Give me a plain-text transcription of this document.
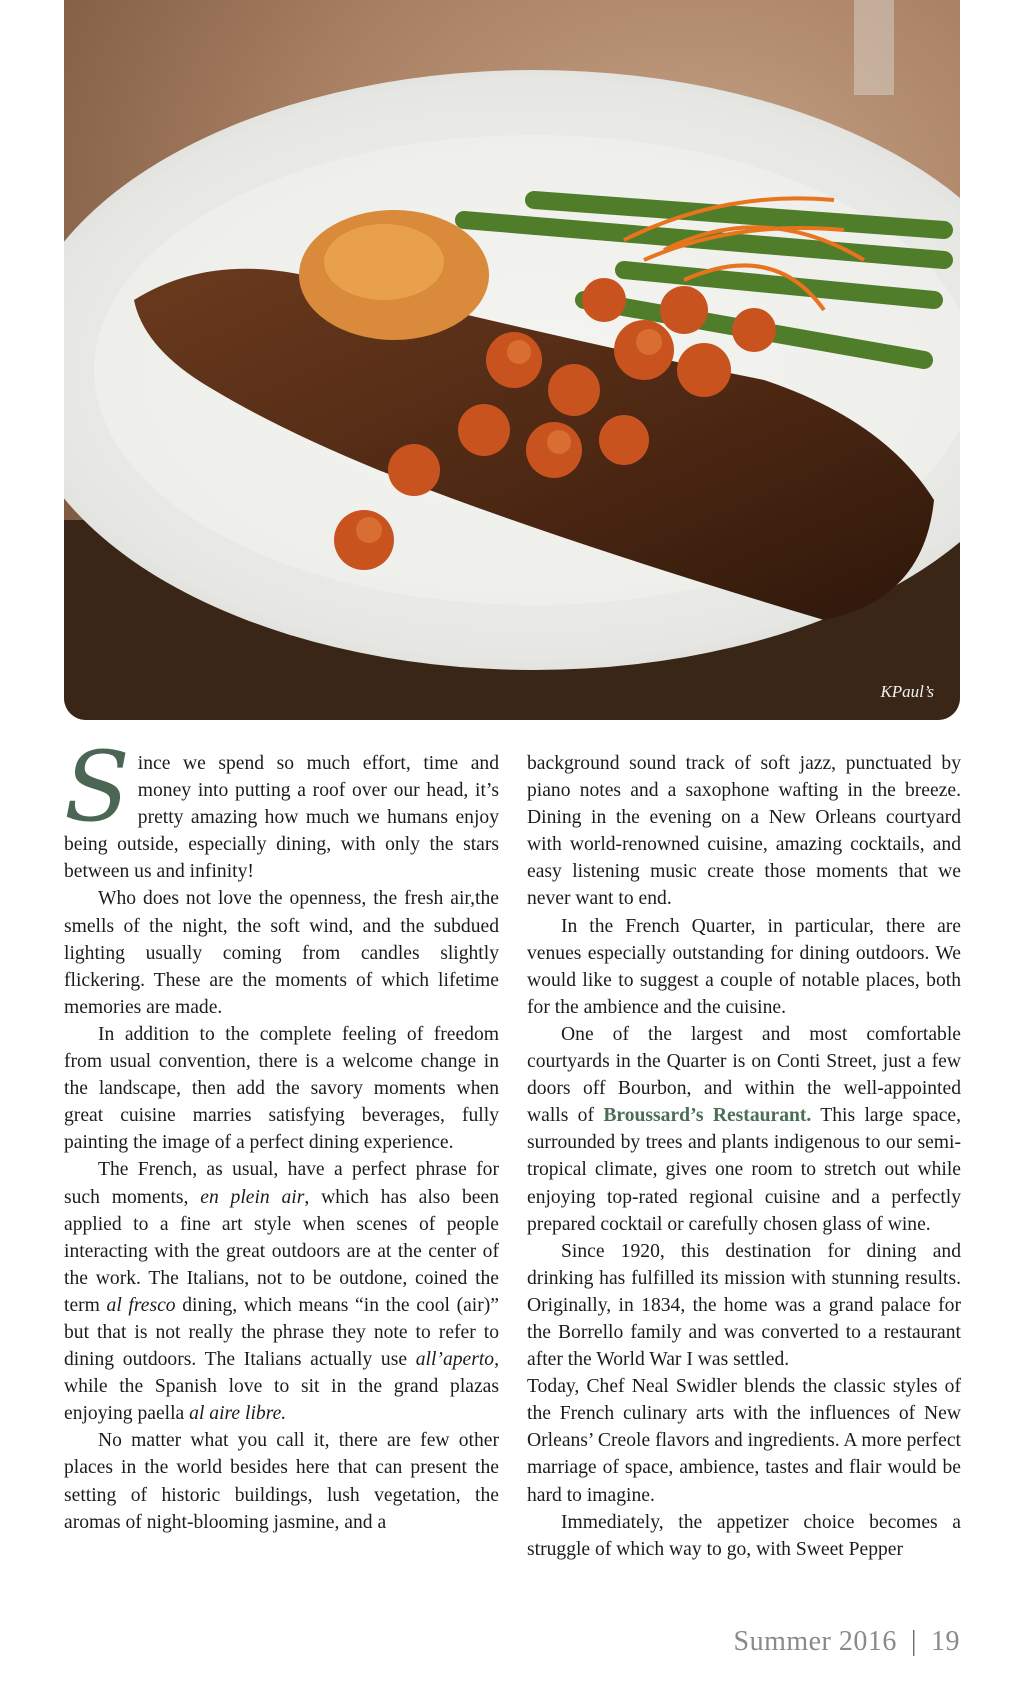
KPaul’s

Since we spend so much effort, time and money into putting a roof over our head, it’s pretty amazing how much we humans enjoy being outside, especially dining, with only the stars between us and infinity!

Who does not love the openness, the fresh air,the smells of the night, the soft wind, and the subdued lighting usually coming from candles slightly flickering. These are the moments of which lifetime memories are made.

In addition to the complete feeling of freedom from usual convention, there is a welcome change in the landscape, then add the savory moments when great cuisine marries satisfying beverages, fully painting the image of a perfect dining experience.

The French, as usual, have a perfect phrase for such moments, en plein air, which has also been applied to a fine art style when scenes of people interacting with the great outdoors are at the center of the work. The Italians, not to be outdone, coined the term al fresco dining, which means “in the cool (air)” but that is not really the phrase they note to refer to dining outdoors. The Italians actually use all’aperto, while the Spanish love to sit in the grand plazas enjoying paella al aire libre.

No matter what you call it, there are few other places in the world besides here that can present the setting of historic buildings, lush vegetation, the aromas of night-blooming jasmine, and a

background sound track of soft jazz, punctuated by piano notes and a saxophone wafting in the breeze. Dining in the evening on a New Orleans courtyard with world-renowned cuisine, amazing cocktails, and easy listening music create those moments that we never want to end.

In the French Quarter, in particular, there are venues especially outstanding for dining outdoors. We would like to suggest a couple of notable places, both for the ambience and the cuisine.

One of the largest and most comfortable courtyards in the Quarter is on Conti Street, just a few doors off Bourbon, and within the well-appointed walls of Broussard’s Restaurant. This large space, surrounded by trees and plants indigenous to our semi-tropical climate, gives one room to stretch out while enjoying top-rated regional cuisine and a perfectly prepared cocktail or carefully chosen glass of wine.

Since 1920, this destination for dining and drinking has fulfilled its mission with stunning results. Originally, in 1834, the home was a grand palace for the Borrello family and was converted to a restaurant after the World War I was settled.

Today, Chef Neal Swidler blends the classic styles of the French culinary arts with the influences of New Orleans’ Creole flavors and ingredients. A more perfect marriage of space, ambience, tastes and flair would be hard to imagine.

Immediately, the appetizer choice becomes a struggle of which way to go, with Sweet Pepper

Summer 2016 | 19
